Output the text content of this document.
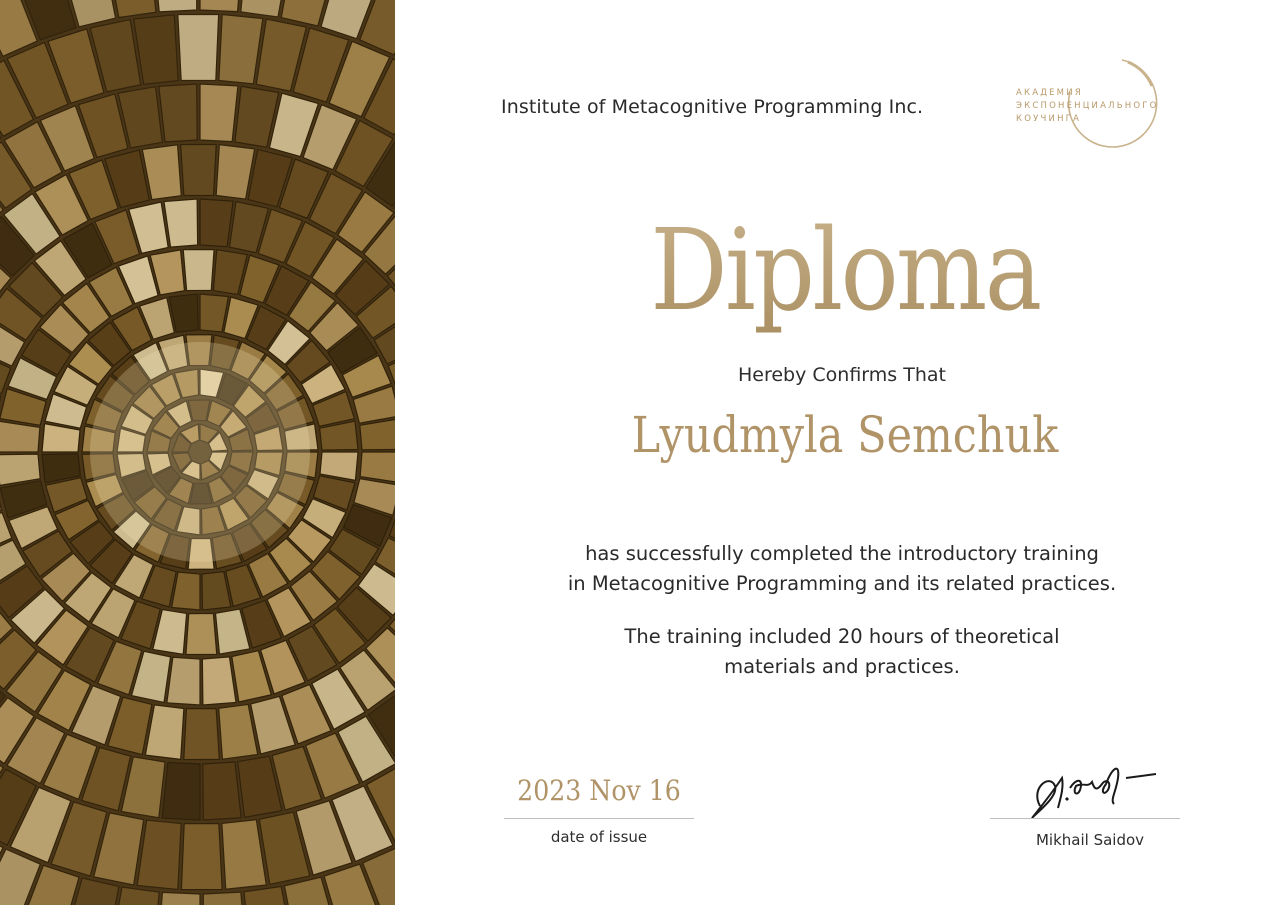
Institute of Metacognitive Programming Inc.
АКАДЕМИЯ
ЭКСПОНЕНЦИАЛЬНОГО
КОУЧИНГА
Diploma
Hereby Confirms That
Lyudmyla Semchuk
has successfully completed the introductory training
in Metacognitive Programming and its related practices.
The training included 20 hours of theoretical
materials and practices.
2023 Nov 16
date of issue	Mikhail Saidov
